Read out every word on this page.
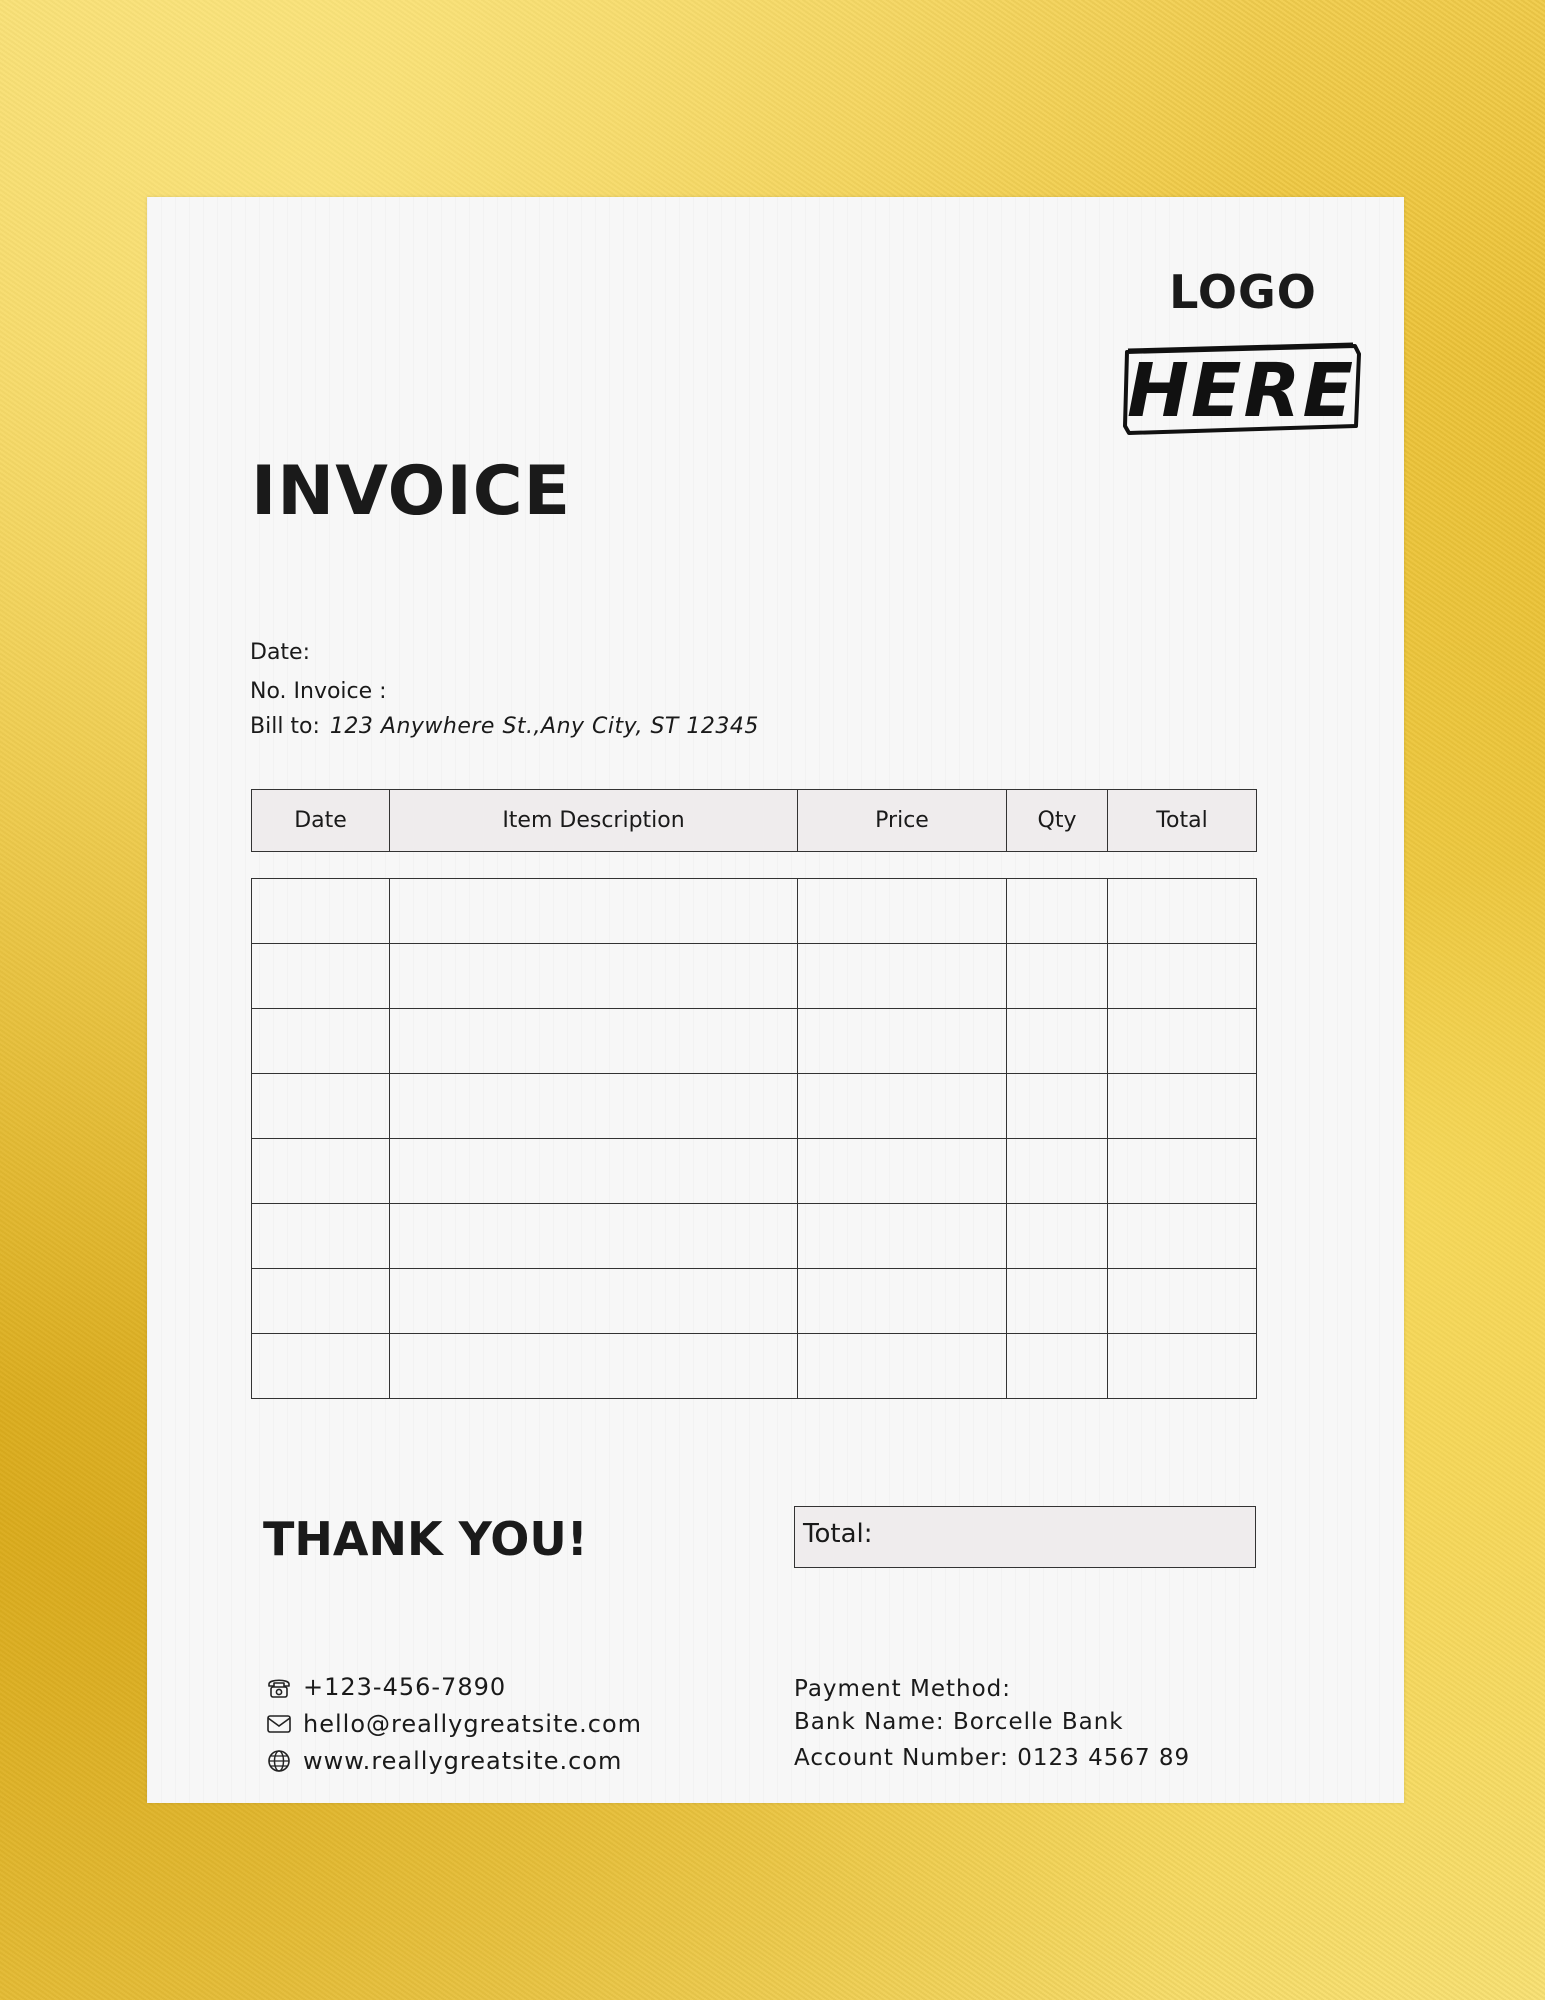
LOGO
HERE
INVOICE
Date:
No. Invoice :
Bill to: 123 Anywhere St.,Any City, ST 12345
Date	Item Description	Price	Qty	Total

THANK YOU!	Total:
+123-456-7890
hello@reallygreatsite.com
www.reallygreatsite.com
Payment Method:
Bank Name: Borcelle Bank
Account Number: 0123 4567 89
